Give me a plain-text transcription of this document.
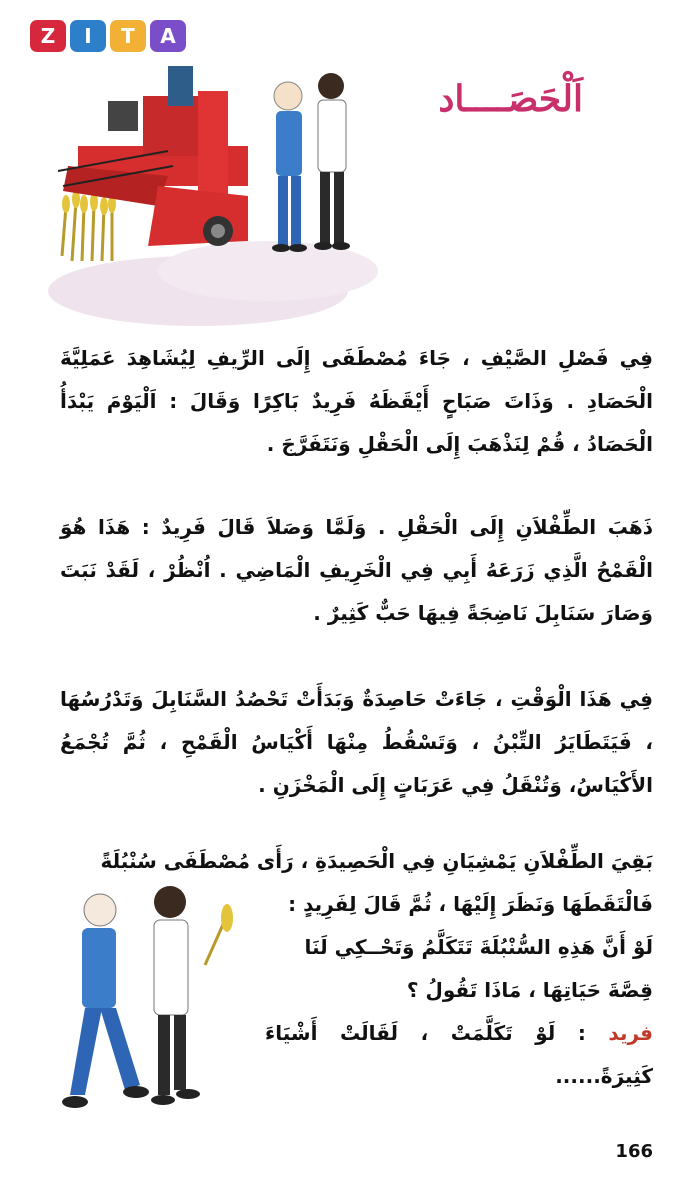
Z	I	T	A
اَلْحَصَــــاد
فِي فَصْلِ الصَّيْفِ ، جَاءَ مُصْطَفَى إِلَى الرِّيفِ لِيُشَاهِدَ عَمَلِيَّةَ الْحَصَادِ . وَذَاتَ صَبَاحٍ أَيْقَظَهُ فَرِيدٌ بَاكِرًا وَقَالَ : اَلْيَوْمَ يَبْدَأُ الْحَصَادُ ، قُمْ لِنَذْهَبَ إِلَى الْحَقْلِ وَنَتَفَرَّجَ .
ذَهَبَ الطِّفْلاَنِ إِلَى الْحَقْلِ . وَلَمَّا وَصَلاَ قَالَ فَرِيدٌ : هَذَا هُوَ الْقَمْحُ الَّذِي زَرَعَهُ أَبِي فِي الْخَرِيفِ الْمَاضِي . اُنْظُرْ ، لَقَدْ نَبَتَ وَصَارَ سَنَابِلَ نَاضِجَةً فِيهَا حَبٌّ كَثِيرٌ .
فِي هَذَا الْوَقْتِ ، جَاءَتْ حَاصِدَةٌ وَبَدَأَتْ تَحْصُدُ السَّنَابِلَ وَتَدْرُسُهَا ، فَيَتَطَايَرُ التِّبْنُ ، وَتَسْقُطُ مِنْهَا أَكْيَاسُ الْقَمْحِ ، ثُمَّ تُجْمَعُ الأَكْيَاسُ، وَتُنْقَلُ فِي عَرَبَاتٍ إِلَى الْمَخْزَنِ .
بَقِيَ الطِّفْلاَنِ يَمْشِيَانِ فِي الْحَصِيدَةِ ، رَأَى مُصْطَفَى سُنْبُلَةً
فَالْتَقَطَهَا وَنَظَرَ إِلَيْهَا ، ثُمَّ قَالَ لِفَرِيدٍ :
لَوْ أَنَّ هَذِهِ السُّنْبُلَةَ تَتَكَلَّمُ وَتَحْــكِي لَنَا
قِصَّةَ حَيَاتِهَا ، مَاذَا تَقُولُ ؟
فريد : لَوْ تَكَلَّمَتْ ، لَقَالَتْ أَشْيَاءَ كَثِيرَةً......
166
